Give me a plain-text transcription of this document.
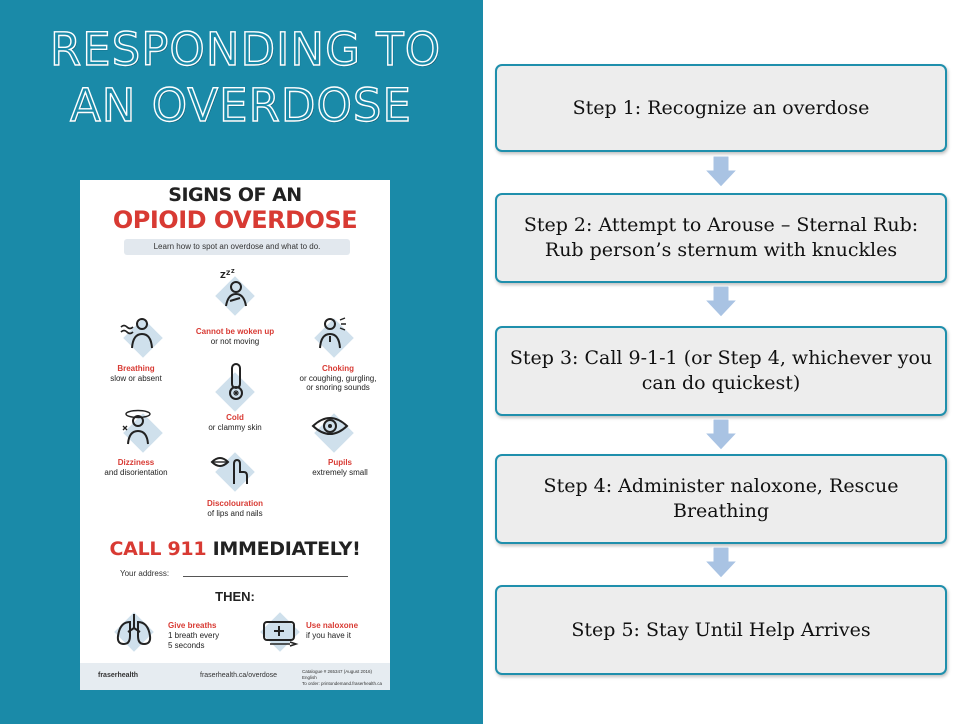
RESPONDING TO
AN OVERDOSE
SIGNS OF AN
OPIOID OVERDOSE
Learn how to spot an overdose and what to do.
Z Z Z
Cannot be woken up
or not moving
Breathing
slow or absent
Choking
or coughing, gurgling,
or snoring sounds
Cold
or clammy skin
Dizziness
and disorientation
Pupils
extremely small
Discolouration
of lips and nails
CALL 911 IMMEDIATELY!
Your address:
THEN:
Give breaths
1 breath every
5 seconds
Use naloxone
if you have it
fraserhealth	fraserhealth.ca/overdose
Catalogue # 265347 (August 2016) English
To order: printondemand.fraserhealth.ca
Step 1: Recognize an overdose
Step 2: Attempt to Arouse – Sternal Rub: Rub person’s sternum with knuckles
Step 3: Call 9-1-1 (or Step 4, whichever you can do quickest)
Step 4: Administer naloxone, Rescue Breathing
Step 5: Stay Until Help Arrives
